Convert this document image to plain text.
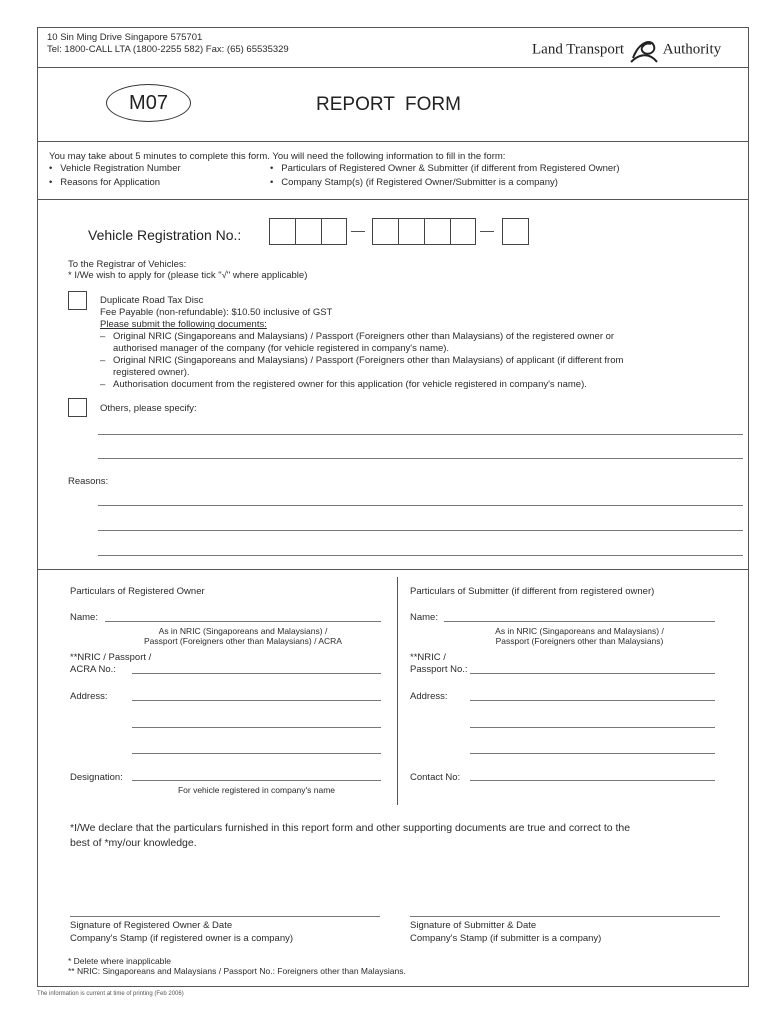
10 Sin Ming Drive Singapore 575701
Tel: 1800-CALL LTA (1800-2255 582) Fax: (65) 65535329	Land Transport	Authority
M07	REPORT  FORM
You may take about 5 minutes to complete this form. You will need the following information to fill in the form:
•   Vehicle Registration Number
•   Reasons for Application
•   Particulars of Registered Owner & Submitter (if different from Registered Owner)
•   Company Stamp(s) (if Registered Owner/Submitter is a company)
Vehicle Registration No.:	—	—
To the Registrar of Vehicles:
* I/We wish to apply for (please tick "√" where applicable)
Duplicate Road Tax Disc
Fee Payable (non-refundable): $10.50 inclusive of GST
Please submit the following documents:
– Original NRIC (Singaporeans and Malaysians) / Passport (Foreigners other than Malaysians) of the registered owner or
authorised manager of the company (for vehicle registered in company's name).
– Original NRIC (Singaporeans and Malaysians) / Passport (Foreigners other than Malaysians) of applicant (if different from
registered owner).
– Authorisation document from the registered owner for this application (for vehicle registered in company's name).
Others, please specify:
Reasons:
Particulars of Registered Owner
Name:
As in NRIC (Singaporeans and Malaysians) /
Passport (Foreigners other than Malaysians) / ACRA
**NRIC / Passport /
ACRA No.:
Address:
Designation:
For vehicle registered in company's name
Particulars of Submitter (if different from registered owner)
Name:
As in NRIC (Singaporeans and Malaysians) /
Passport (Foreigners other than Malaysians)
**NRIC /
Passport No.:
Address:
Contact No:
*I/We declare that the particulars furnished in this report form and other supporting documents are true and correct to the
best of *my/our knowledge.
Signature of Registered Owner & Date
Company's Stamp (if registered owner is a company)
Signature of Submitter & Date
Company's Stamp (if submitter is a company)
* Delete where inapplicable
** NRIC: Singaporeans and Malaysians / Passport No.: Foreigners other than Malaysians.
The information is current at time of printing (Feb 2006)
